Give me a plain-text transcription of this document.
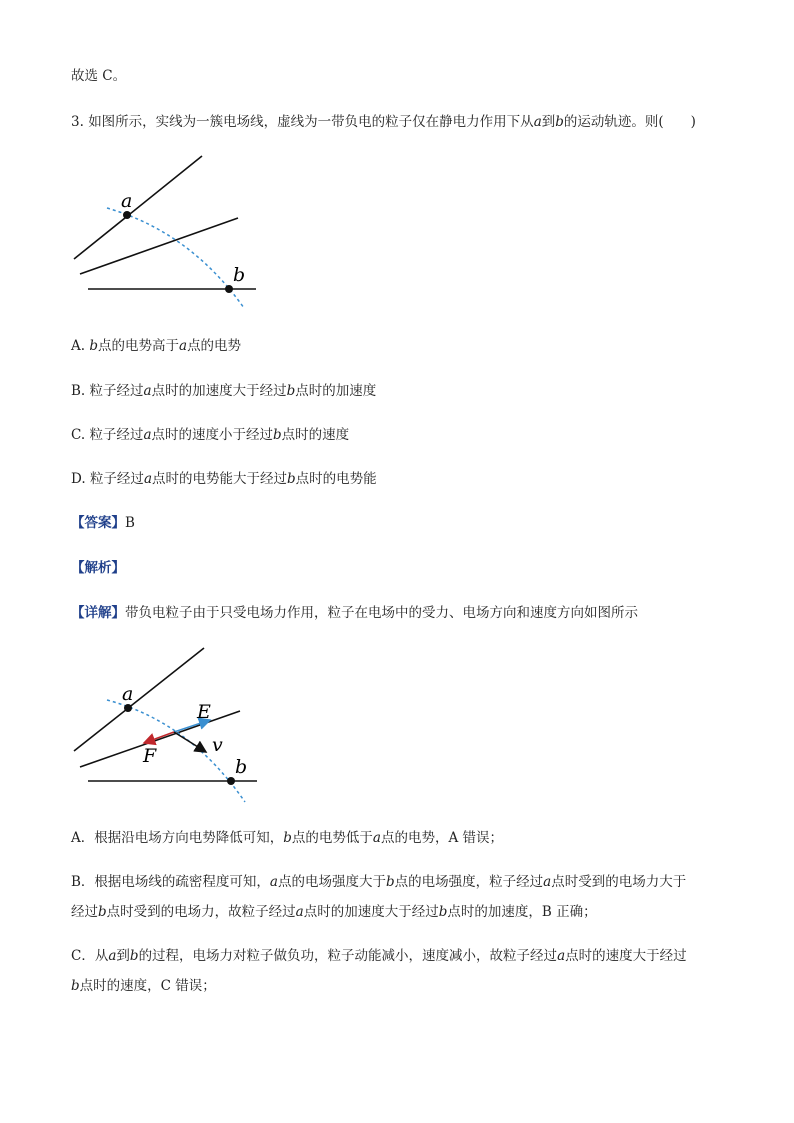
故选 C。
3. 如图所示，实线为一簇电场线，虚线为一带负电的粒子仅在静电力作用下从a到b的运动轨迹。则(　　)
a
b
A. b点的电势高于a点的电势
B. 粒子经过a点时的加速度大于经过b点时的加速度
C. 粒子经过a点时的速度小于经过b点时的速度
D. 粒子经过a点时的电势能大于经过b点时的电势能
【答案】B
【解析】
【详解】带负电粒子由于只受电场力作用，粒子在电场中的受力、电场方向和速度方向如图所示
a
b
E
F	v
A．根据沿电场方向电势降低可知，b点的电势低于a点的电势，A 错误；
B．根据电场线的疏密程度可知，a点的电场强度大于b点的电场强度，粒子经过a点时受到的电场力大于
经过b点时受到的电场力，故粒子经过a点时的加速度大于经过b点时的加速度，B 正确；
C．从a到b的过程，电场力对粒子做负功，粒子动能减小，速度减小，故粒子经过a点时的速度大于经过
b点时的速度，C 错误；
